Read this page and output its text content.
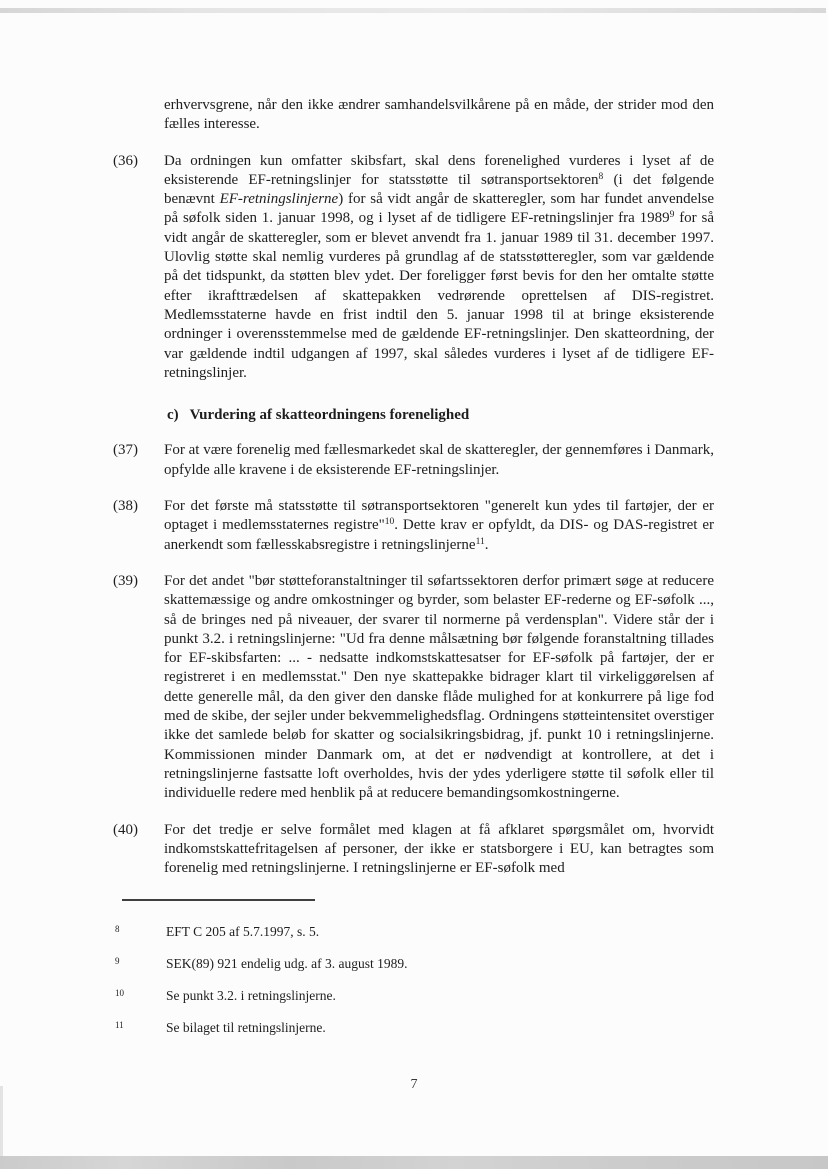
erhvervsgrene, når den ikke ændrer samhandelsvilkårene på en måde, der strider mod den fælles interesse.
(36)	Da ordningen kun omfatter skibsfart, skal dens forenelighed vurderes i lyset af de eksisterende EF-retningslinjer for statsstøtte til søtransportsektoren$^8$ (i det følgende benævnt EF-retningslinjerne) for så vidt angår de skatteregler, som har fundet anvendelse på søfolk siden 1. januar 1998, og i lyset af de tidligere EF-retningslinjer fra 1989$^9$ for så vidt angår de skatteregler, som er blevet anvendt fra 1. januar 1989 til 31. december 1997. Ulovlig støtte skal nemlig vurderes på grundlag af de statsstøtteregler, som var gældende på det tidspunkt, da støtten blev ydet. Der foreligger først bevis for den her omtalte støtte efter ikrafttrædelsen af skattepakken vedrørende oprettelsen af DIS-registret. Medlemsstaterne havde en frist indtil den 5. januar 1998 til at bringe eksisterende ordninger i overensstemmelse med de gældende EF-retningslinjer. Den skatteordning, der var gældende indtil udgangen af 1997, skal således vurderes i lyset af de tidligere EF-retningslinjer.
c) Vurdering af skatteordningens forenelighed
(37)	For at være forenelig med fællesmarkedet skal de skatteregler, der gennemføres i Danmark, opfylde alle kravene i de eksisterende EF-retningslinjer.
(38)	For det første må statsstøtte til søtransportsektoren "generelt kun ydes til fartøjer, der er optaget i medlemsstaternes registre"$^{10}$. Dette krav er opfyldt, da DIS- og DAS-registret er anerkendt som fællesskabsregistre i retningslinjerne$^{11}$.
(39)	For det andet "bør støtteforanstaltninger til søfartssektoren derfor primært søge at reducere skattemæssige og andre omkostninger og byrder, som belaster EF-rederne og EF-søfolk ..., så de bringes ned på niveauer, der svarer til normerne på verdensplan". Videre står der i punkt 3.2. i retningslinjerne: "Ud fra denne målsætning bør følgende foranstaltning tillades for EF-skibsfarten: ... - nedsatte indkomstskattesatser for EF-søfolk på fartøjer, der er registreret i en medlemsstat." Den nye skattepakke bidrager klart til virkeliggørelsen af dette generelle mål, da den giver den danske flåde mulighed for at konkurrere på lige fod med de skibe, der sejler under bekvemmelighedsflag. Ordningens støtteintensitet overstiger ikke det samlede beløb for skatter og socialsikringsbidrag, jf. punkt 10 i retningslinjerne. Kommissionen minder Danmark om, at det er nødvendigt at kontrollere, at det i retningslinjerne fastsatte loft overholdes, hvis der ydes yderligere støtte til søfolk eller til individuelle redere med henblik på at reducere bemandingsomkostningerne.
(40)	For det tredje er selve formålet med klagen at få afklaret spørgsmålet om, hvorvidt indkomstskattefritagelsen af personer, der ikke er statsborgere i EU, kan betragtes som forenelig med retningslinjerne. I retningslinjerne er EF-søfolk med
$^8$	EFT C 205 af 5.7.1997, s. 5.
$^9$	SEK(89) 921 endelig udg. af 3. august 1989.
$^{10}$	Se punkt 3.2. i retningslinjerne.
$^{11}$	Se bilaget til retningslinjerne.
7
